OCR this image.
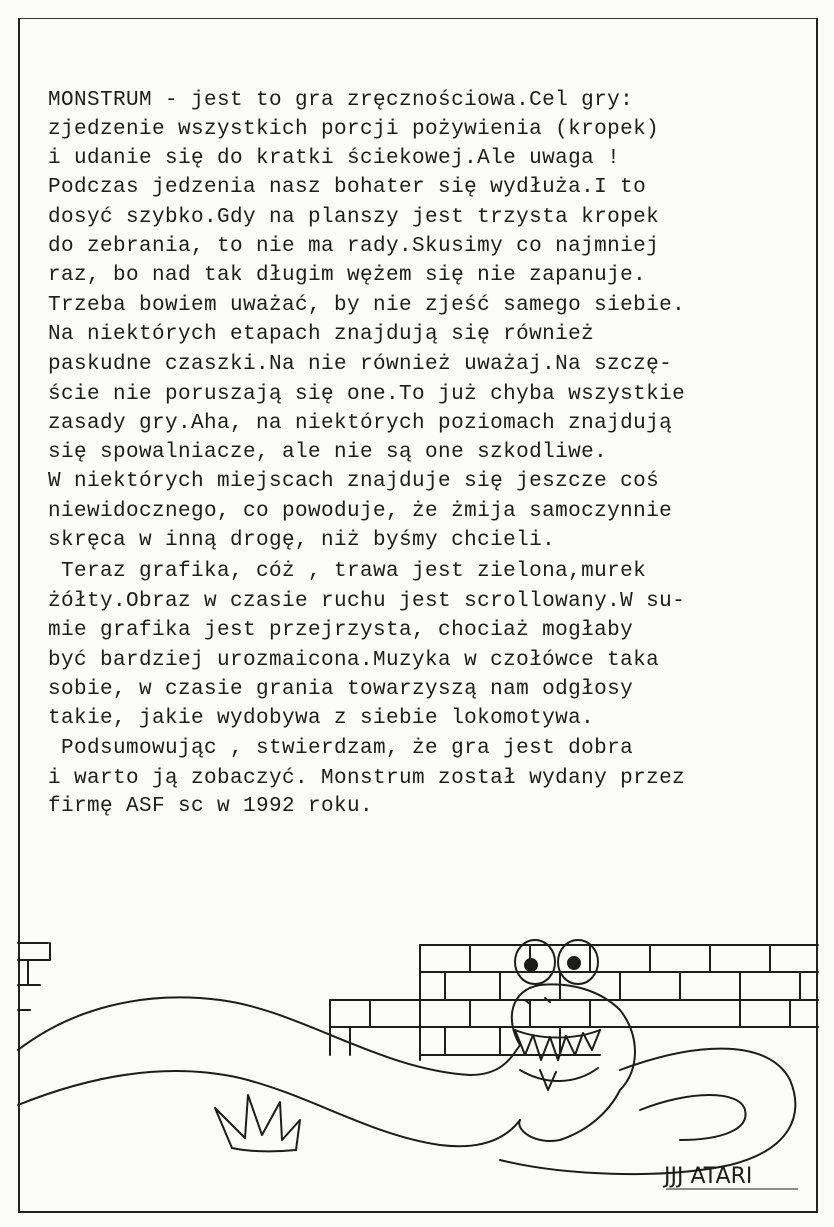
MONSTRUM - jest to gra zręcznościowa.Cel gry:
zjedzenie wszystkich porcji pożywienia (kropek)
i udanie się do kratki ściekowej.Ale uwaga !
Podczas jedzenia nasz bohater się wydłuża.I to
dosyć szybko.Gdy na planszy jest trzysta kropek
do zebrania, to nie ma rady.Skusimy co najmniej
raz, bo nad tak długim wężem się nie zapanuje.
Trzeba bowiem uważać, by nie zjeść samego siebie.
Na niektórych etapach znajdują się również
paskudne czaszki.Na nie również uważaj.Na szczę-
ście nie poruszają się one.To już chyba wszystkie
zasady gry.Aha, na niektórych poziomach znajdują
się spowalniacze, ale nie są one szkodliwe.
W niektórych miejscach znajduje się jeszcze coś
niewidocznego, co powoduje, że żmija samoczynnie
skręca w inną drogę, niż byśmy chcieli.
Teraz grafika, cóż , trawa jest zielona,murek
żółty.Obraz w czasie ruchu jest scrollowany.W su-
mie grafika jest przejrzysta, chociaż mogłaby
być bardziej urozmaicona.Muzyka w czołówce taka
sobie, w czasie grania towarzyszą nam odgłosy
takie, jakie wydobywa z siebie lokomotywa.
Podsumowując , stwierdzam, że gra jest dobra
i warto ją zobaczyć. Monstrum został wydany przez
firmę ASF sc w 1992 roku.
JJJ ATARI
